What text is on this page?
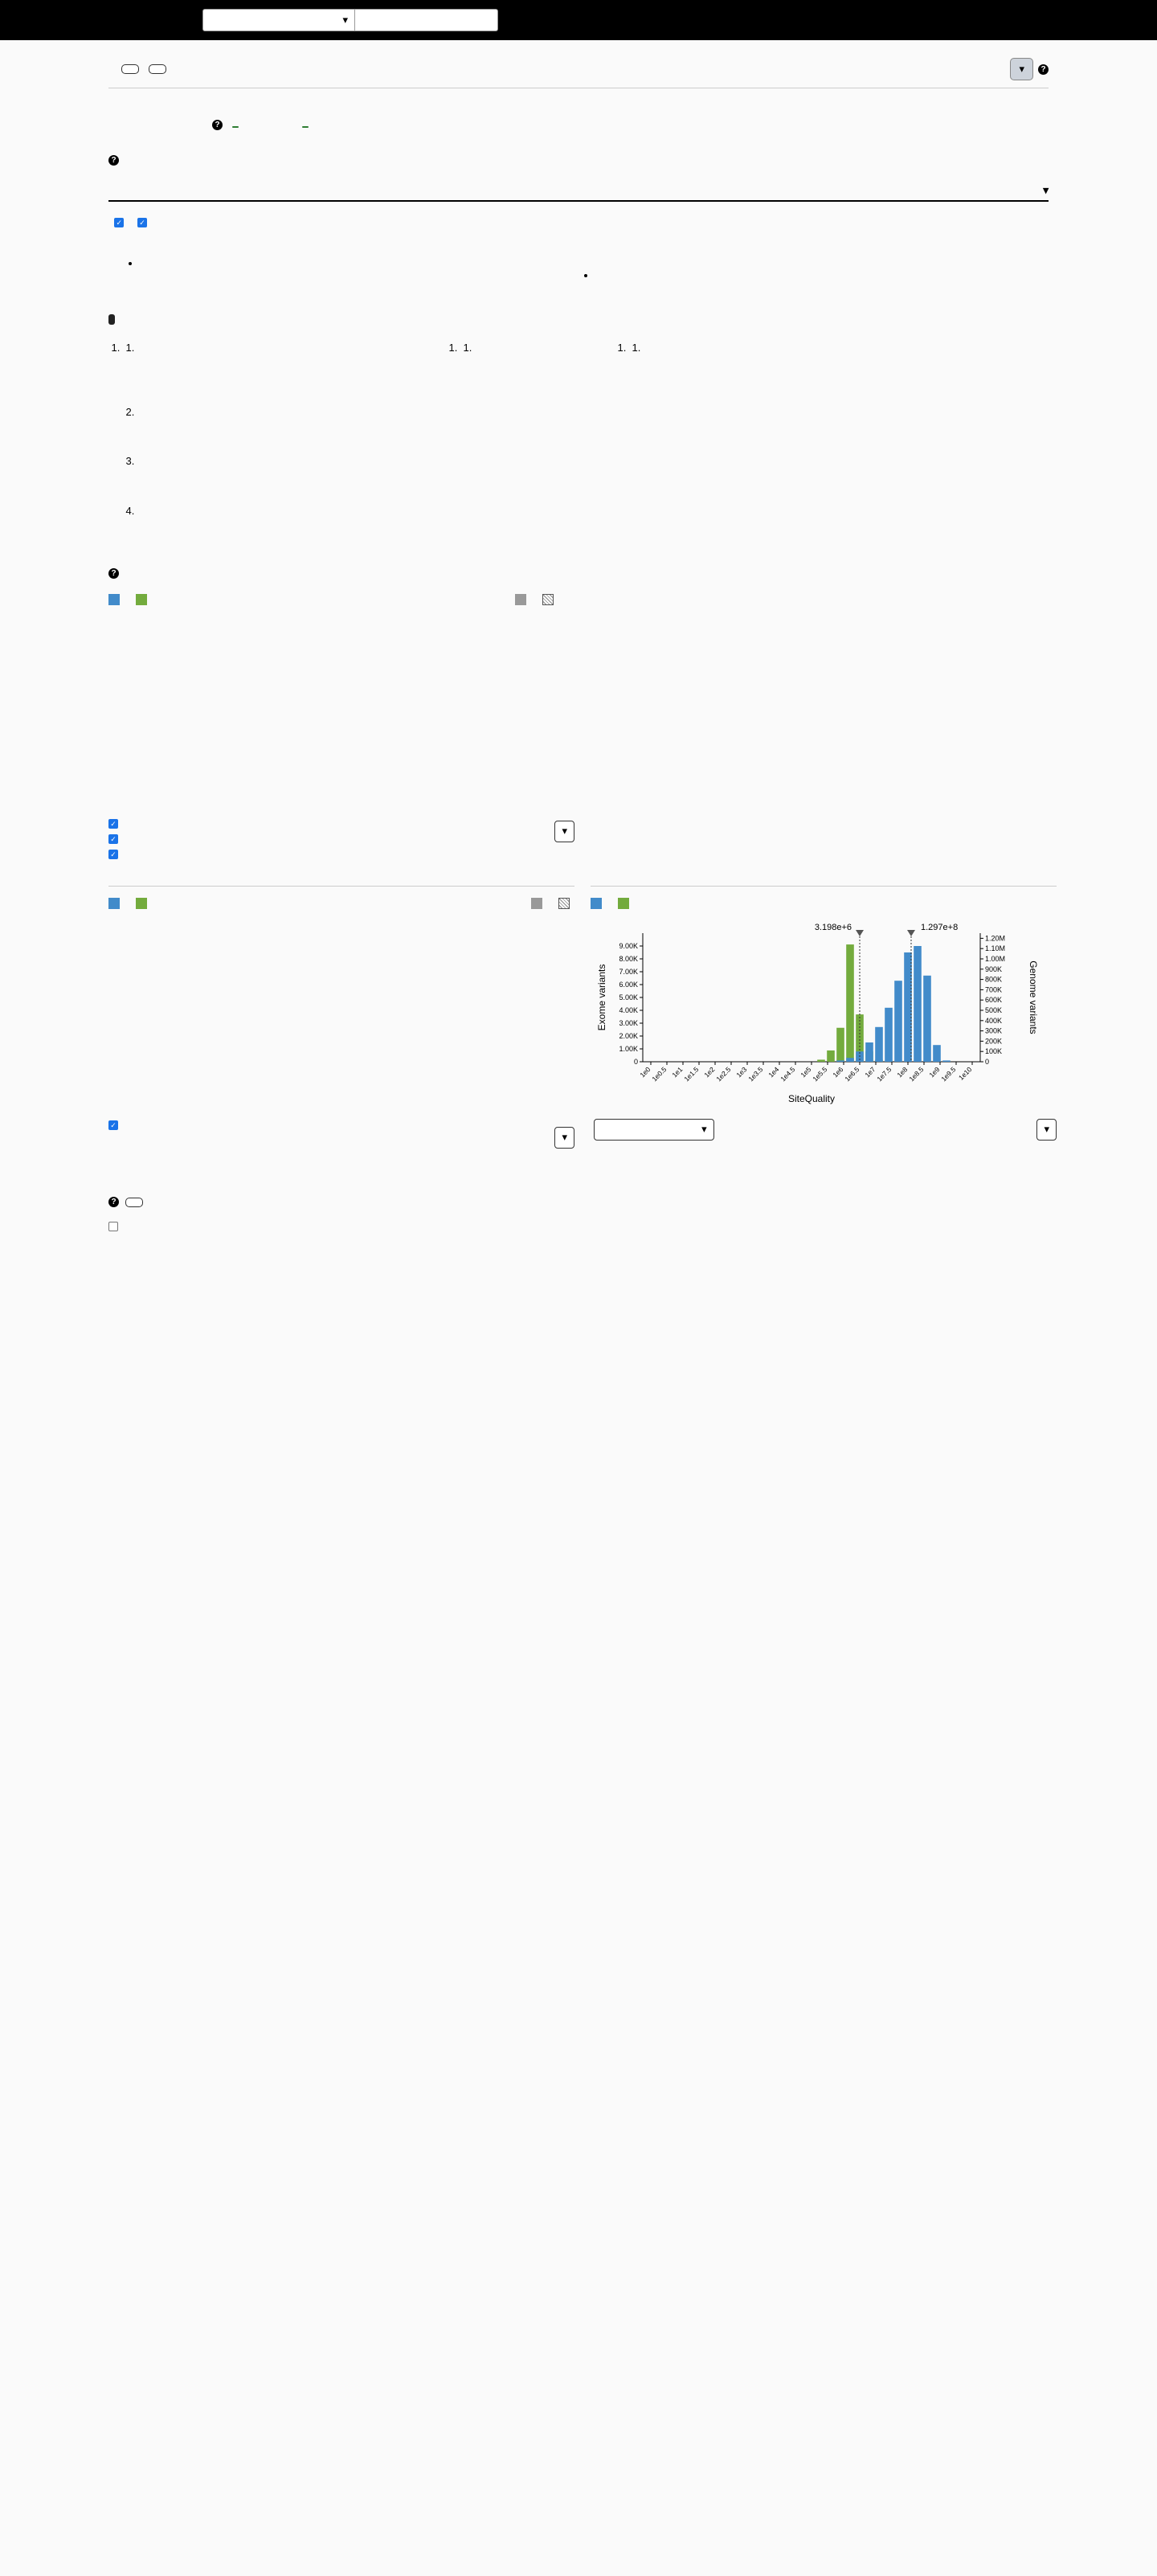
▾
▾	?

?			
?

▾

✓ ✓

•

•

1.
1.

2.

3.

4.
1.
1.

1.

?
✓
✓
✓
▾
✓
▾

0
1.00K
2.00K
3.00K
4.00K
5.00K
6.00K
7.00K
8.00K
9.00K
0
100K
200K
300K
400K
500K
600K
700K
800K
900K
1.00M
1.10M
1.20M
1e0
1e0.5 1e1
1e1.5 1e2
1e2.5 1e3
1e3.5 1e4
1e4.5 1e5
1e5.5 1e6
1e6.5 1e7
1e7.5 1e8
1e8.5 1e9
1e9.5 1e10
3.198e+6	1.297e+8
SiteQuality
Exome variants	Genome variants

▾
	▾

?
